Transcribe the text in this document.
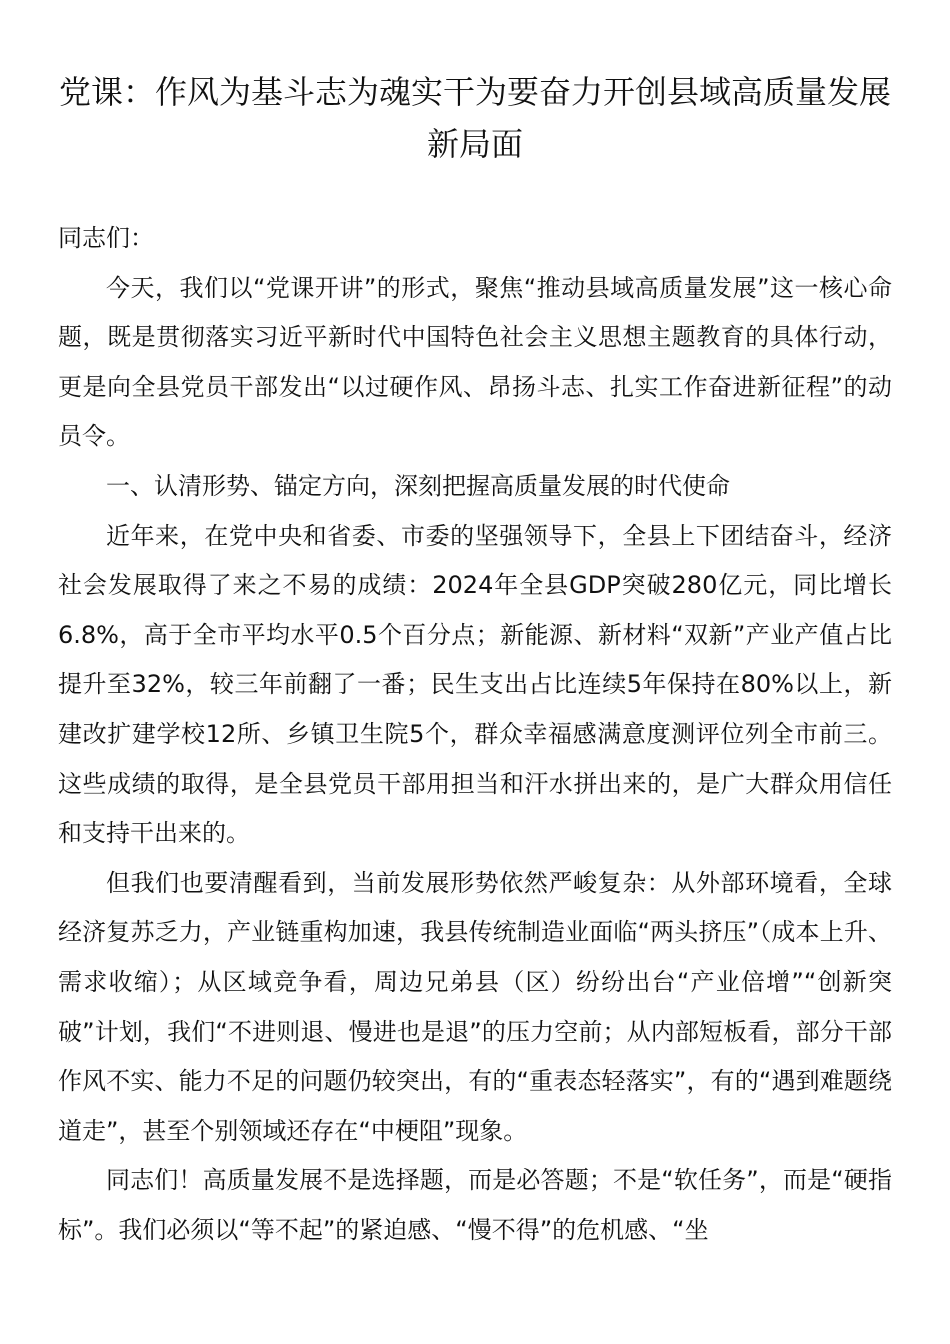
党课：作风为基斗志为魂实干为要奋力开创县域高质量发展新局面

同志们：

今天，我们以“党课开讲”的形式，聚焦“推动县域高质量发展”这一核心命题，既是贯彻落实习近平新时代中国特色社会主义思想主题教育的具体行动，更是向全县党员干部发出“以过硬作风、昂扬斗志、扎实工作奋进新征程”的动员令。

一、认清形势、锚定方向，深刻把握高质量发展的时代使命

近年来，在党中央和省委、市委的坚强领导下，全县上下团结奋斗，经济社会发展取得了来之不易的成绩：2024年全县GDP突破280亿元，同比增长6.8%，高于全市平均水平0.5个百分点；新能源、新材料“双新”产业产值占比提升至32%，较三年前翻了一番；民生支出占比连续5年保持在80%以上，新建改扩建学校12所、乡镇卫生院5个，群众幸福感满意度测评位列全市前三。这些成绩的取得，是全县党员干部用担当和汗水拼出来的，是广大群众用信任和支持干出来的。

但我们也要清醒看到，当前发展形势依然严峻复杂：从外部环境看，全球经济复苏乏力，产业链重构加速，我县传统制造业面临“两头挤压”（成本上升、需求收缩）；从区域竞争看，周边兄弟县（区）纷纷出台“产业倍增”“创新突破”计划，我们“不进则退、慢进也是退”的压力空前；从内部短板看，部分干部作风不实、能力不足的问题仍较突出，有的“重表态轻落实”，有的“遇到难题绕道走”，甚至个别领域还存在“中梗阻”现象。

同志们！高质量发展不是选择题，而是必答题；不是“软任务”，而是“硬指标”。我们必须以“等不起”的紧迫感、“慢不得”的危机感、“坐
